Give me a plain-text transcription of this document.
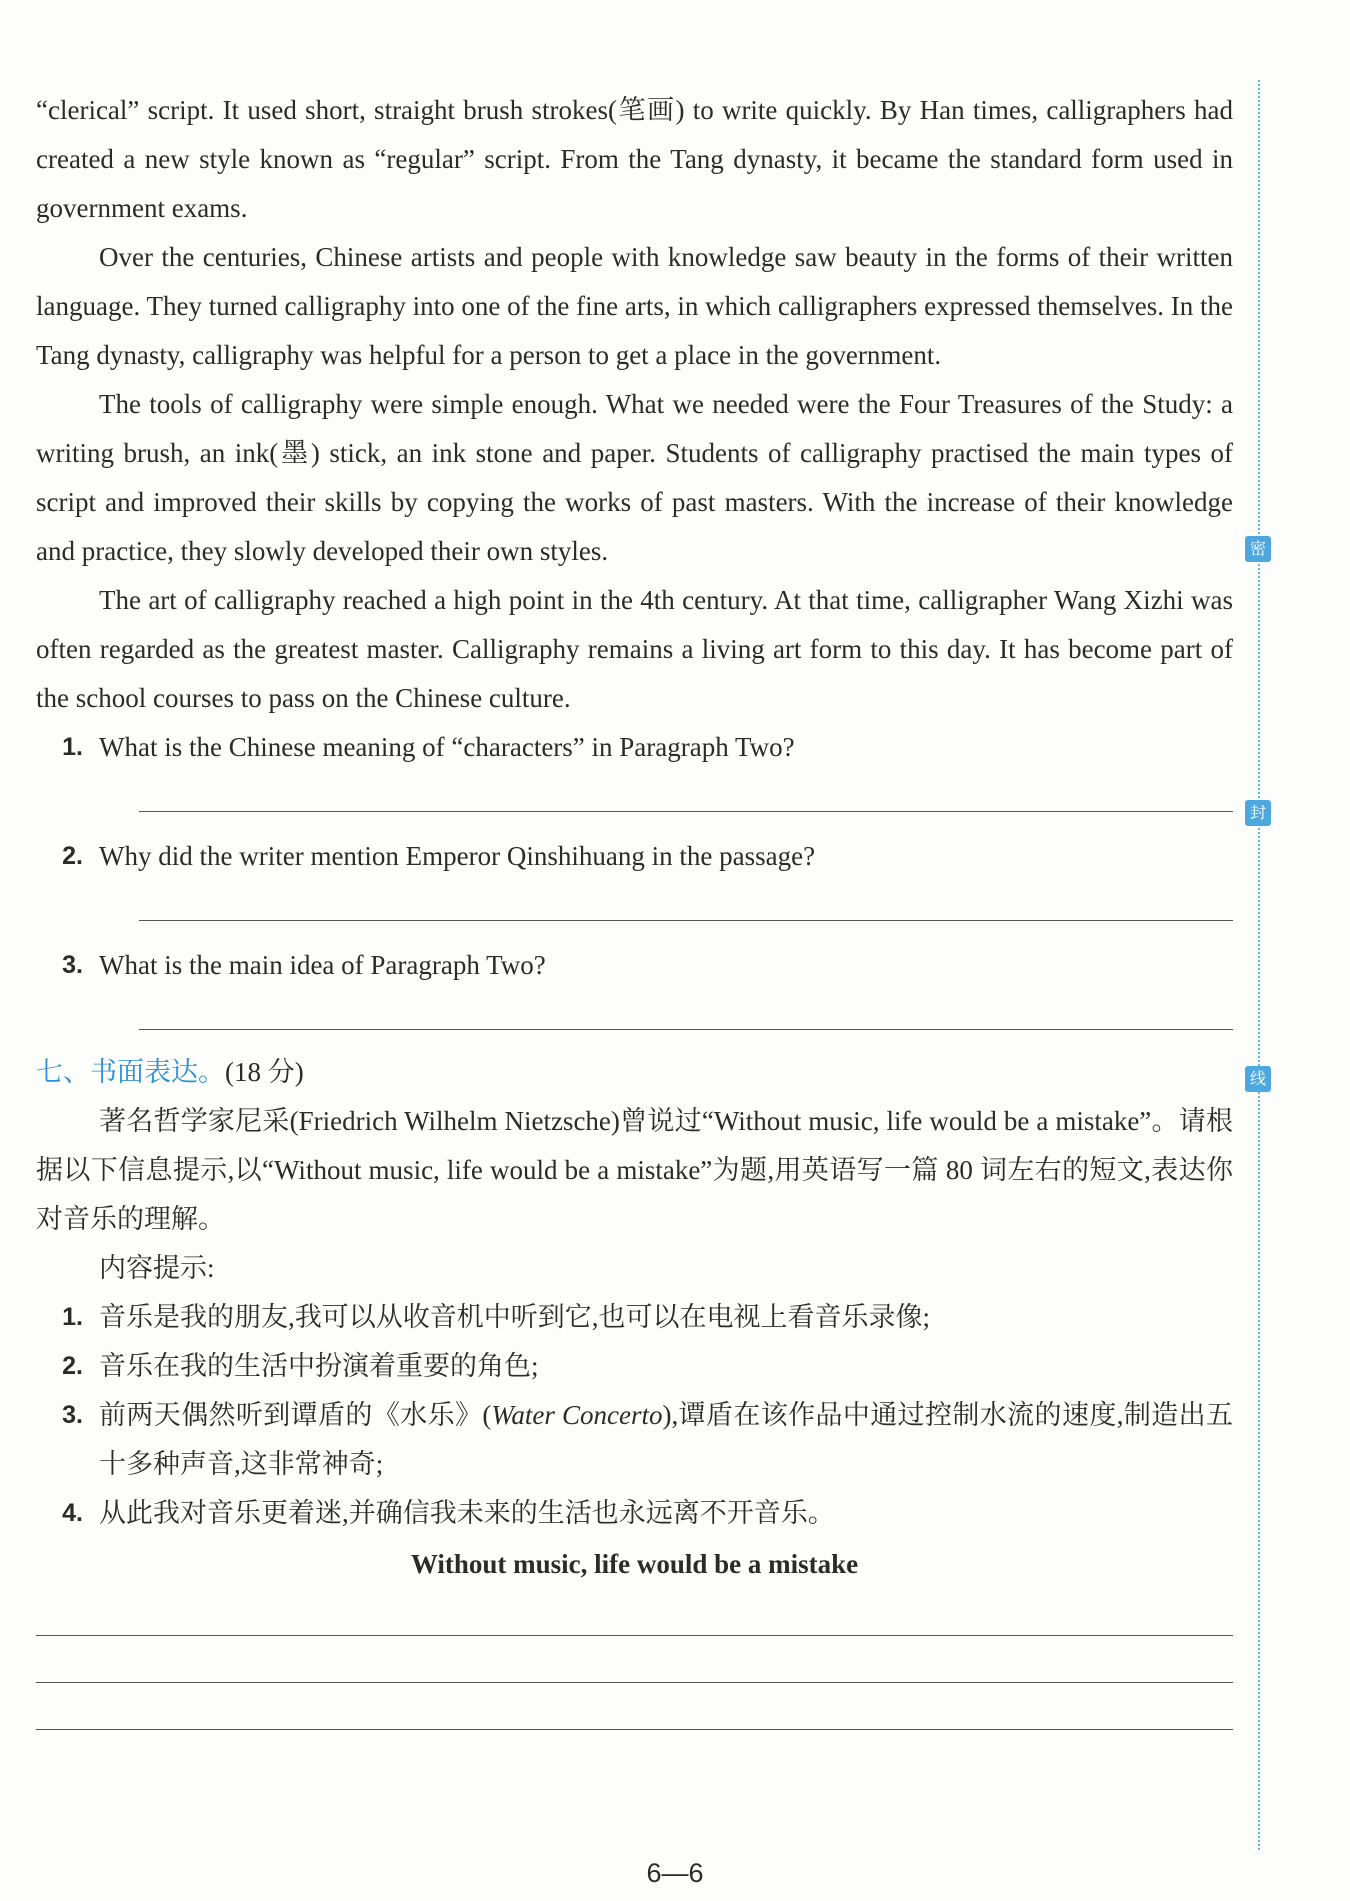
密
封
线

“clerical” script. It used short, straight brush strokes(笔画) to write quickly. By Han times, calligraphers had created a new style known as “regular” script. From the Tang dynasty, it became the standard form used in government exams.

Over the centuries, Chinese artists and people with knowledge saw beauty in the forms of their written language. They turned calligraphy into one of the fine arts, in which calligraphers expressed themselves. In the Tang dynasty, calligraphy was helpful for a person to get a place in the government.

The tools of calligraphy were simple enough. What we needed were the Four Treasures of the Study: a writing brush, an ink(墨) stick, an ink stone and paper. Students of calligraphy practised the main types of script and improved their skills by copying the works of past masters. With the increase of their knowledge and practice, they slowly developed their own styles.

The art of calligraphy reached a high point in the 4th century. At that time, calligrapher Wang Xizhi was often regarded as the greatest master. Calligraphy remains a living art form to this day. It has become part of the school courses to pass on the Chinese culture.

1. What is the Chinese meaning of “characters” in Paragraph Two?
2. Why did the writer mention Emperor Qinshihuang in the passage?
3. What is the main idea of Paragraph Two?
七、书面表达。(18 分)

著名哲学家尼采(Friedrich Wilhelm Nietzsche)曾说过“Without music, life would be a mistake”。请根据以下信息提示,以“Without music, life would be a mistake”为题,用英语写一篇 80 词左右的短文,表达你对音乐的理解。

内容提示:

1. 音乐是我的朋友,我可以从收音机中听到它,也可以在电视上看音乐录像;
2. 音乐在我的生活中扮演着重要的角色;
3. 前两天偶然听到谭盾的《水乐》(Water Concerto),谭盾在该作品中通过控制水流的速度,制造出五十多种声音,这非常神奇;
4. 从此我对音乐更着迷,并确信我未来的生活也永远离不开音乐。
Without music, life would be a mistake
6—6
